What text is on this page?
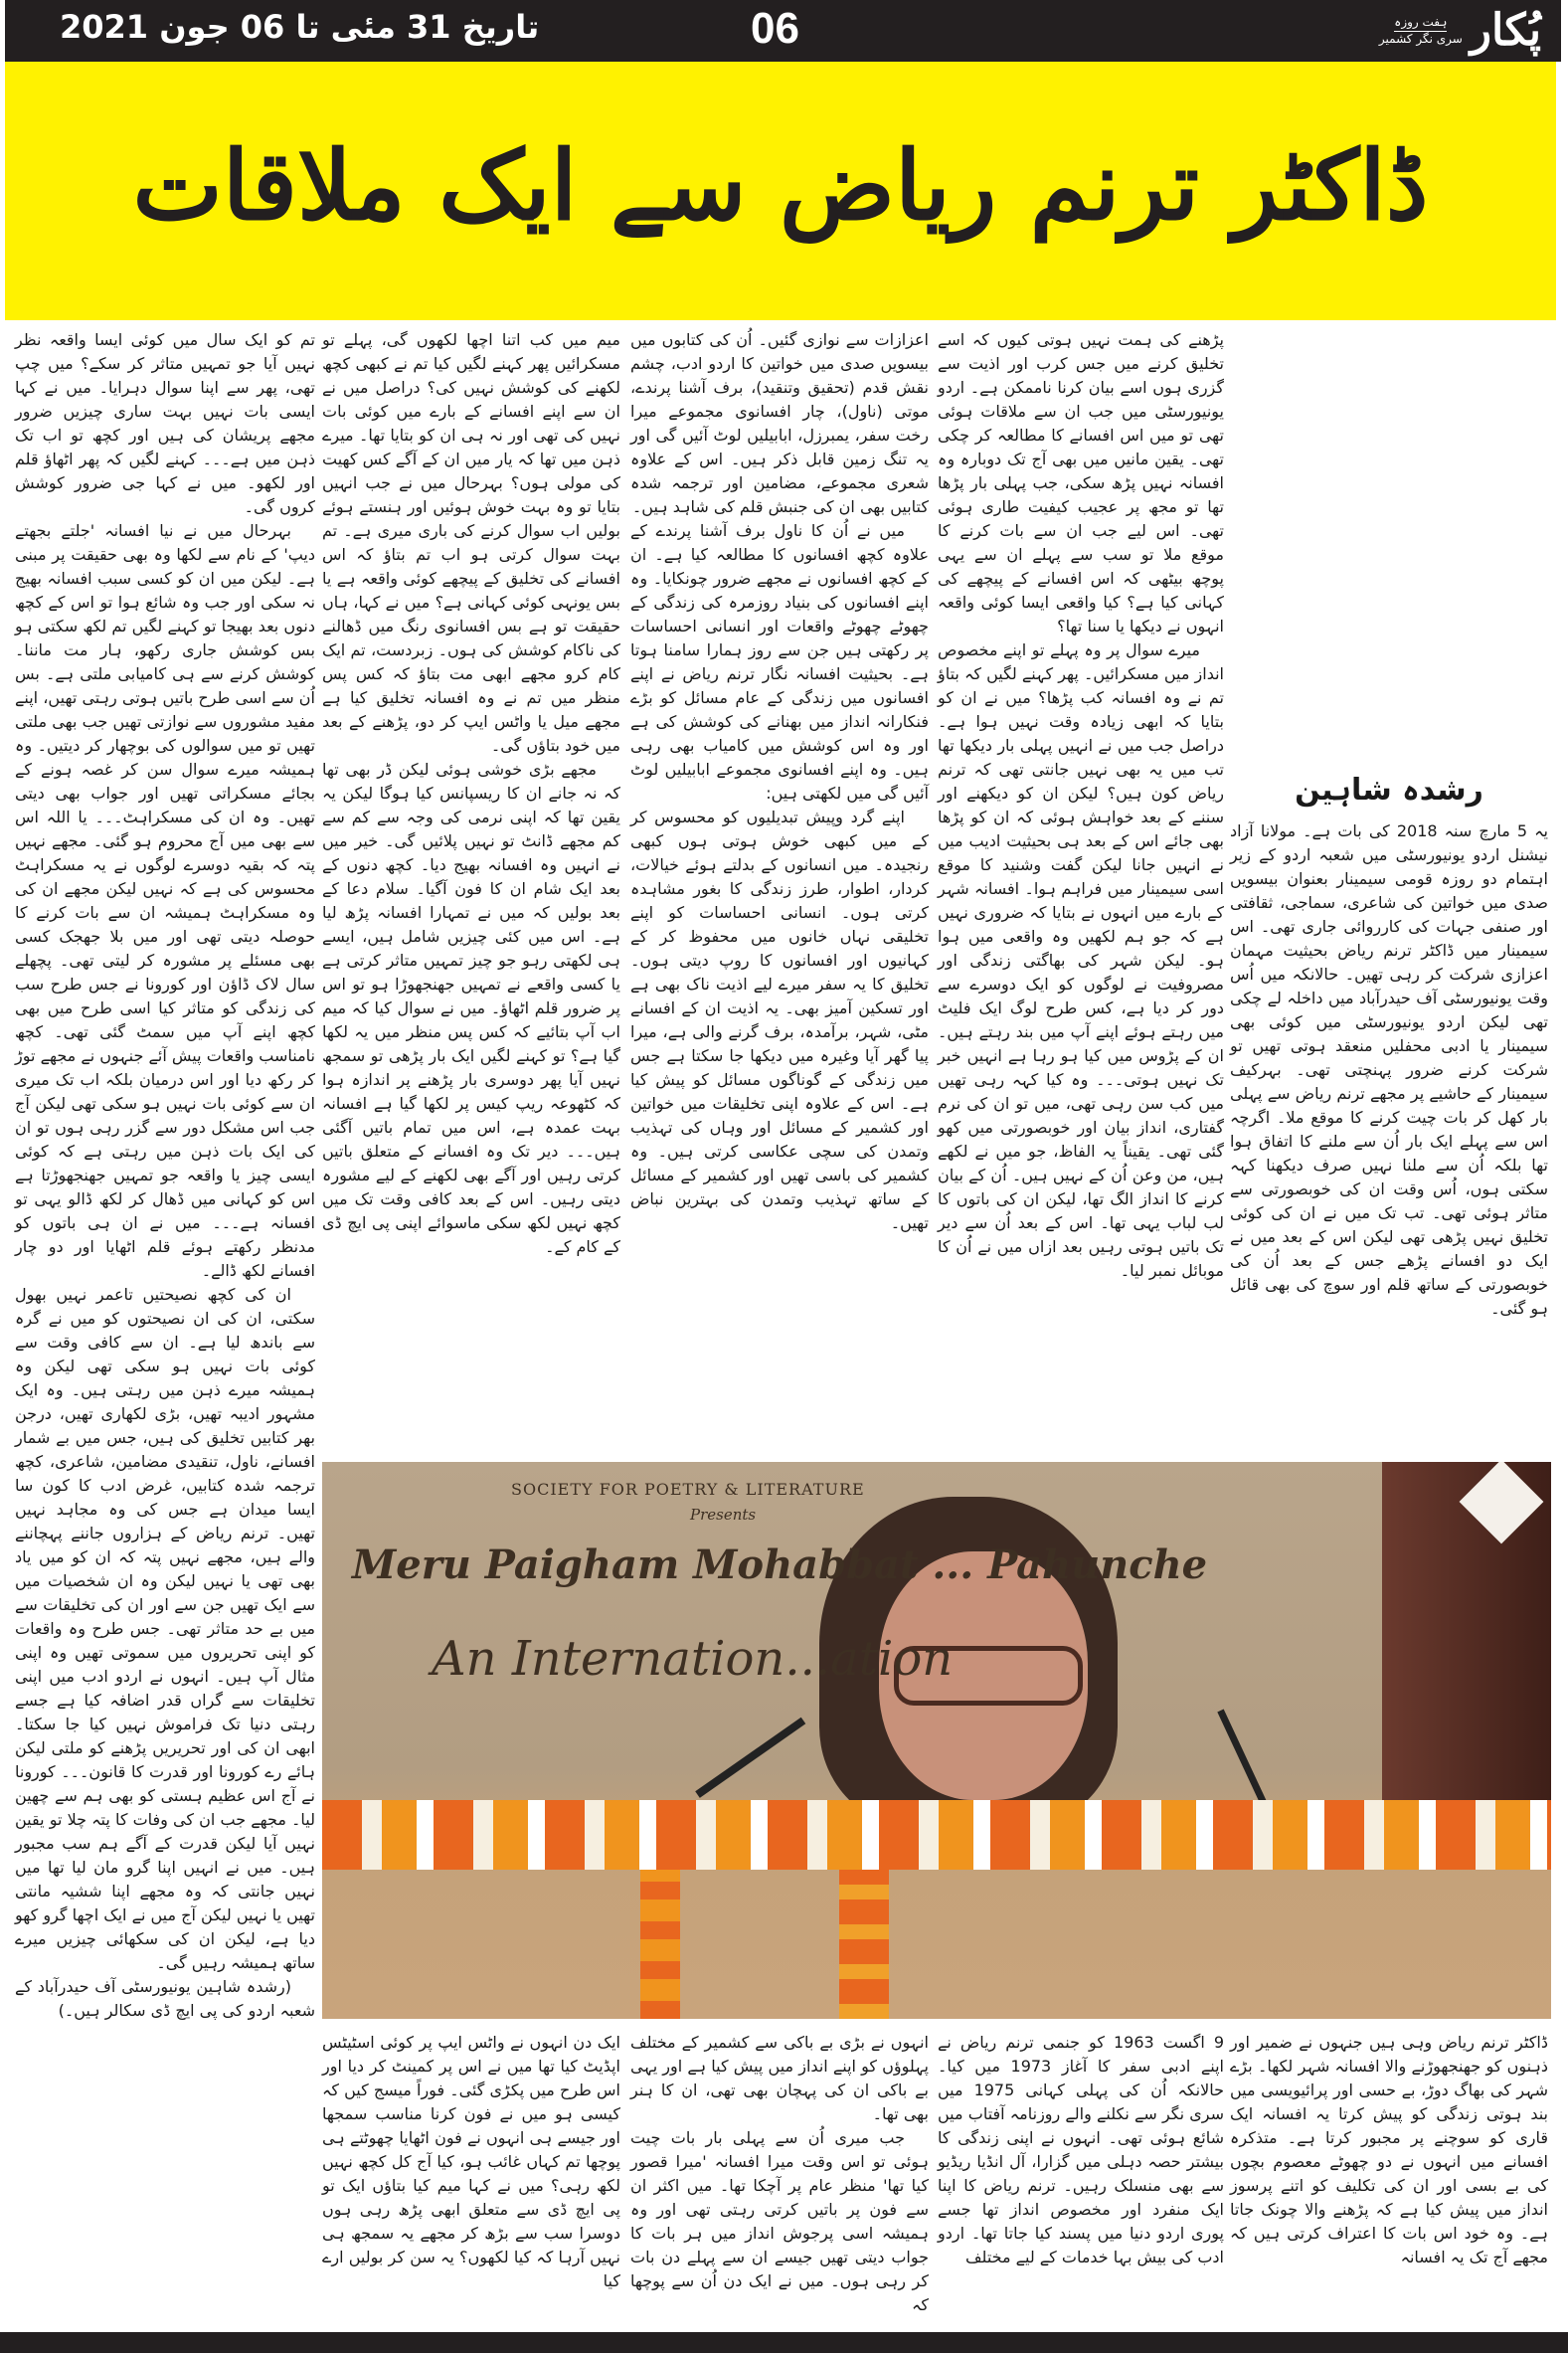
پُکار
ہفت روزہ
سری نگر کشمیر
06
تاریخ 31 مئی تا 06 جون 2021
ڈاکٹر ترنم ریاض سے ایک ملاقات
رشدہ شاہین

یہ 5 مارچ سنہ 2018 کی بات ہے۔ مولانا آزاد نیشنل اردو یونیورسٹی میں شعبہ اردو کے زیر اہتمام دو روزہ قومی سیمینار بعنوان بیسویں صدی میں خواتین کی شاعری، سماجی، ثقافتی اور صنفی جہات کی کارروائی جاری تھی۔ اس سیمینار میں ڈاکٹر ترنم ریاض بحیثیت مہمان اعزازی شرکت کر رہی تھیں۔ حالانکہ میں اُس وقت یونیورسٹی آف حیدرآباد میں داخلہ لے چکی تھی لیکن اردو یونیورسٹی میں کوئی بھی سیمینار یا ادبی محفلیں منعقد ہوتی تھیں تو شرکت کرنے ضرور پہنچتی تھی۔ بہرکیف سیمینار کے حاشیے پر مجھے ترنم ریاض سے پہلی بار کھل کر بات چیت کرنے کا موقع ملا۔ اگرچہ اس سے پہلے ایک بار اُن سے ملنے کا اتفاق ہوا تھا بلکہ اُن سے ملنا نہیں صرف دیکھنا کہہ سکتی ہوں، اُس وقت ان کی خوبصورتی سے متاثر ہوئی تھی۔ تب تک میں نے ان کی کوئی تخلیق نہیں پڑھی تھی لیکن اس کے بعد میں نے ایک دو افسانے پڑھے جس کے بعد اُن کی خوبصورتی کے ساتھ قلم اور سوچ کی بھی قائل ہو گئی۔

پڑھنے کی ہمت نہیں ہوتی کیوں کہ اسے تخلیق کرنے میں جس کرب اور اذیت سے گزری ہوں اسے بیان کرنا ناممکن ہے۔ اردو یونیورسٹی میں جب ان سے ملاقات ہوئی تھی تو میں اس افسانے کا مطالعہ کر چکی تھی۔ یقین مانیں میں بھی آج تک دوبارہ وہ افسانہ نہیں پڑھ سکی، جب پہلی بار پڑھا تھا تو مجھ پر عجیب کیفیت طاری ہوئی تھی۔ اس لیے جب ان سے بات کرنے کا موقع ملا تو سب سے پہلے ان سے یہی پوچھ بیٹھی کہ اس افسانے کے پیچھے کی کہانی کیا ہے؟ کیا واقعی ایسا کوئی واقعہ انہوں نے دیکھا یا سنا تھا؟

میرے سوال پر وہ پہلے تو اپنے مخصوص انداز میں مسکرائیں۔ پھر کہنے لگیں کہ بتاؤ تم نے وہ افسانہ کب پڑھا؟ میں نے ان کو بتایا کہ ابھی زیادہ وقت نہیں ہوا ہے۔ دراصل جب میں نے انہیں پہلی بار دیکھا تھا تب میں یہ بھی نہیں جانتی تھی کہ ترنم ریاض کون ہیں؟ لیکن ان کو دیکھنے اور سننے کے بعد خواہش ہوئی کہ ان کو پڑھا بھی جائے اس کے بعد ہی بحیثیت ادیب میں نے انہیں جانا لیکن گفت وشنید کا موقع اسی سیمینار میں فراہم ہوا۔ افسانہ شہر کے بارے میں انہوں نے بتایا کہ ضروری نہیں ہے کہ جو ہم لکھیں وہ واقعی میں ہوا ہو۔ لیکن شہر کی بھاگتی زندگی اور مصروفیت نے لوگوں کو ایک دوسرے سے دور کر دیا ہے، کس طرح لوگ ایک فلیٹ میں رہتے ہوئے اپنے آپ میں بند رہتے ہیں۔ ان کے پڑوس میں کیا ہو رہا ہے انہیں خبر تک نہیں ہوتی۔۔۔ وہ کیا کہہ رہی تھیں میں کب سن رہی تھی، میں تو ان کی نرم گفتاری، انداز بیان اور خوبصورتی میں کھو گئی تھی۔ یقیناً یہ الفاظ، جو میں نے لکھے ہیں، من وعن اُن کے نہیں ہیں۔ اُن کے بیان کرنے کا انداز الگ تھا، لیکن ان کی باتوں کا لب لباب یہی تھا۔ اس کے بعد اُن سے دیر تک باتیں ہوتی رہیں بعد ازاں میں نے اُن کا موبائل نمبر لیا۔

اعزازات سے نوازی گئیں۔ اُن کی کتابوں میں بیسویں صدی میں خواتین کا اردو ادب، چشم نقش قدم (تحقیق وتنقید)، برف آشنا پرندے، موتی (ناول)، چار افسانوی مجموعے میرا رخت سفر، یمبرزل، ابابیلیں لوٹ آئیں گی اور یہ تنگ زمین قابل ذکر ہیں۔ اس کے علاوہ شعری مجموعے، مضامین اور ترجمہ شدہ کتابیں بھی ان کی جنبش قلم کی شاہد ہیں۔

میں نے اُن کا ناول برف آشنا پرندے کے علاوہ کچھ افسانوں کا مطالعہ کیا ہے۔ ان کے کچھ افسانوں نے مجھے ضرور چونکایا۔ وہ اپنے افسانوں کی بنیاد روزمرہ کی زندگی کے چھوٹے چھوٹے واقعات اور انسانی احساسات پر رکھتی ہیں جن سے روز ہمارا سامنا ہوتا ہے۔ بحیثیت افسانہ نگار ترنم ریاض نے اپنے افسانوں میں زندگی کے عام مسائل کو بڑے فنکارانہ انداز میں بھنانے کی کوشش کی ہے اور وہ اس کوشش میں کامیاب بھی رہی ہیں۔ وہ اپنے افسانوی مجموعے ابابیلیں لوٹ آئیں گی میں لکھتی ہیں:

اپنے گرد وپیش تبدیلیوں کو محسوس کر کے میں کبھی خوش ہوتی ہوں کبھی رنجیدہ۔ میں انسانوں کے بدلتے ہوئے خیالات، کردار، اطوار، طرز زندگی کا بغور مشاہدہ کرتی ہوں۔ انسانی احساسات کو اپنے تخلیقی نہاں خانوں میں محفوظ کر کے کہانیوں اور افسانوں کا روپ دیتی ہوں۔ تخلیق کا یہ سفر میرے لیے اذیت ناک بھی ہے اور تسکین آمیز بھی۔ یہ اذیت ان کے افسانے مٹی، شہر، برآمدہ، برف گرنے والی ہے، میرا پیا گھر آیا وغیرہ میں دیکھا جا سکتا ہے جس میں زندگی کے گوناگوں مسائل کو پیش کیا ہے۔ اس کے علاوہ اپنی تخلیقات میں خواتین اور کشمیر کے مسائل اور وہاں کی تہذیب وتمدن کی سچی عکاسی کرتی ہیں۔ وہ کشمیر کی باسی تھیں اور کشمیر کے مسائل کے ساتھ تہذیب وتمدن کی بہترین نباض تھیں۔

میم میں کب اتنا اچھا لکھوں گی، پہلے تو مسکرائیں پھر کہنے لگیں کیا تم نے کبھی کچھ لکھنے کی کوشش نہیں کی؟ دراصل میں نے ان سے اپنے افسانے کے بارے میں کوئی بات نہیں کی تھی اور نہ ہی ان کو بتایا تھا۔ میرے ذہن میں تھا کہ یار میں ان کے آگے کس کھیت کی مولی ہوں؟ بہرحال میں نے جب انہیں بتایا تو وہ بہت خوش ہوئیں اور ہنستے ہوئے بولیں اب سوال کرنے کی باری میری ہے۔ تم بہت سوال کرتی ہو اب تم بتاؤ کہ اس افسانے کی تخلیق کے پیچھے کوئی واقعہ ہے یا بس یونہی کوئی کہانی ہے؟ میں نے کہا، ہاں حقیقت تو ہے بس افسانوی رنگ میں ڈھالنے کی ناکام کوشش کی ہوں۔ زبردست، تم ایک کام کرو مجھے ابھی مت بتاؤ کہ کس پس منظر میں تم نے وہ افسانہ تخلیق کیا ہے مجھے میل یا واٹس ایپ کر دو، پڑھنے کے بعد میں خود بتاؤں گی۔

مجھے بڑی خوشی ہوئی لیکن ڈر بھی تھا کہ نہ جانے ان کا ریسپانس کیا ہوگا لیکن یہ یقین تھا کہ اپنی نرمی کی وجہ سے کم سے کم مجھے ڈانٹ تو نہیں پلائیں گی۔ خیر میں نے انہیں وہ افسانہ بھیج دیا۔ کچھ دنوں کے بعد ایک شام ان کا فون آگیا۔ سلام دعا کے بعد بولیں کہ میں نے تمہارا افسانہ پڑھ لیا ہے۔ اس میں کئی چیزیں شامل ہیں، ایسے ہی لکھتی رہو جو چیز تمہیں متاثر کرتی ہے یا کسی واقعے نے تمہیں جھنجھوڑا ہو تو اس پر ضرور قلم اٹھاؤ۔ میں نے سوال کیا کہ میم اب آپ بتائیے کہ کس پس منظر میں یہ لکھا گیا ہے؟ تو کہنے لگیں ایک بار پڑھی تو سمجھ نہیں آیا پھر دوسری بار پڑھنے پر اندازہ ہوا کہ کٹھوعہ ریپ کیس پر لکھا گیا ہے افسانہ بہت عمدہ ہے، اس میں تمام باتیں آگئی ہیں۔۔۔ دیر تک وہ افسانے کے متعلق باتیں کرتی رہیں اور آگے بھی لکھنے کے لیے مشورہ دیتی رہیں۔ اس کے بعد کافی وقت تک میں کچھ نہیں لکھ سکی ماسوائے اپنی پی ایچ ڈی کے کام کے۔

تم کو ایک سال میں کوئی ایسا واقعہ نظر نہیں آیا جو تمہیں متاثر کر سکے؟ میں چپ تھی، پھر سے اپنا سوال دہرایا۔ میں نے کہا ایسی بات نہیں بہت ساری چیزیں ضرور مجھے پریشان کی ہیں اور کچھ تو اب تک ذہن میں ہے۔۔۔ کہنے لگیں کہ پھر اٹھاؤ قلم اور لکھو۔ میں نے کہا جی ضرور کوشش کروں گی۔

بہرحال میں نے نیا افسانہ 'جلتے بجھتے دیپ' کے نام سے لکھا وہ بھی حقیقت پر مبنی ہے۔ لیکن میں ان کو کسی سبب افسانہ بھیج نہ سکی اور جب وہ شائع ہوا تو اس کے کچھ دنوں بعد بھیجا تو کہنے لگیں تم لکھ سکتی ہو بس کوشش جاری رکھو، ہار مت ماننا۔ کوشش کرنے سے ہی کامیابی ملتی ہے۔ بس اُن سے اسی طرح باتیں ہوتی رہتی تھیں، اپنے مفید مشوروں سے نوازتی تھیں جب بھی ملتی تھیں تو میں سوالوں کی بوچھار کر دیتیں۔ وہ ہمیشہ میرے سوال سن کر غصہ ہونے کے بجائے مسکراتی تھیں اور جواب بھی دیتی تھیں۔ وہ ان کی مسکراہٹ۔۔۔ یا اللہ اس سے بھی میں آج محروم ہو گئی۔ مجھے نہیں پتہ کہ بقیہ دوسرے لوگوں نے یہ مسکراہٹ محسوس کی ہے کہ نہیں لیکن مجھے ان کی وہ مسکراہٹ ہمیشہ ان سے بات کرنے کا حوصلہ دیتی تھی اور میں بلا جھجک کسی بھی مسئلے پر مشورہ کر لیتی تھی۔ پچھلے سال لاک ڈاؤن اور کورونا نے جس طرح سب کی زندگی کو متاثر کیا اسی طرح میں بھی کچھ اپنے آپ میں سمٹ گئی تھی۔ کچھ نامناسب واقعات پیش آئے جنہوں نے مجھے توڑ کر رکھ دیا اور اس درمیان بلکہ اب تک میری ان سے کوئی بات نہیں ہو سکی تھی لیکن آج جب اس مشکل دور سے گزر رہی ہوں تو ان کی ایک بات ذہن میں رہتی ہے کہ کوئی ایسی چیز یا واقعہ جو تمہیں جھنجھوڑتا ہے اس کو کہانی میں ڈھال کر لکھ ڈالو یہی تو افسانہ ہے۔۔۔ میں نے ان ہی باتوں کو مدنظر رکھتے ہوئے قلم اٹھایا اور دو چار افسانے لکھ ڈالے۔

ان کی کچھ نصیحتیں تاعمر نہیں بھول سکتی، ان کی ان نصیحتوں کو میں نے گرہ سے باندھ لیا ہے۔ ان سے کافی وقت سے کوئی بات نہیں ہو سکی تھی لیکن وہ ہمیشہ میرے ذہن میں رہتی ہیں۔ وہ ایک مشہور ادیبہ تھیں، بڑی لکھاری تھیں، درجن بھر کتابیں تخلیق کی ہیں، جس میں بے شمار افسانے، ناول، تنقیدی مضامین، شاعری، کچھ ترجمہ شدہ کتابیں، غرض ادب کا کون سا ایسا میدان ہے جس کی وہ مجاہد نہیں تھیں۔ ترنم ریاض کے ہزاروں جاننے پہچاننے والے ہیں، مجھے نہیں پتہ کہ ان کو میں یاد بھی تھی یا نہیں لیکن وہ ان شخصیات میں سے ایک تھیں جن سے اور ان کی تخلیقات سے میں بے حد متاثر تھی۔ جس طرح وہ واقعات کو اپنی تحریروں میں سموتی تھیں وہ اپنی مثال آپ ہیں۔ انہوں نے اردو ادب میں اپنی تخلیقات سے گراں قدر اضافہ کیا ہے جسے رہتی دنیا تک فراموش نہیں کیا جا سکتا۔ ابھی ان کی اور تحریریں پڑھنے کو ملتی لیکن ہائے رے کورونا اور قدرت کا قانون۔۔۔ کورونا نے آج اس عظیم ہستی کو بھی ہم سے چھین لیا۔ مجھے جب ان کی وفات کا پتہ چلا تو یقین نہیں آیا لیکن قدرت کے آگے ہم سب مجبور ہیں۔ میں نے انہیں اپنا گرو مان لیا تھا میں نہیں جانتی کہ وہ مجھے اپنا ششیہ مانتی تھیں یا نہیں لیکن آج میں نے ایک اچھا گرو کھو دیا ہے، لیکن ان کی سکھائی چیزیں میرے ساتھ ہمیشہ رہیں گی۔

(رشدہ شاہین یونیورسٹی آف حیدرآباد کے شعبہ اردو کی پی ایچ ڈی سکالر ہیں۔)

SOCIETY FOR POETRY & LITERATURE
Presents
Meru Paigham Mohabbat ... Pahunche
An Internation...ation

ڈاکٹر ترنم ریاض وہی ہیں جنہوں نے ضمیر اور ذہنوں کو جھنجھوڑنے والا افسانہ شہر لکھا۔ بڑے شہر کی بھاگ دوڑ، بے حسی اور پرائیویسی میں بند ہوتی زندگی کو پیش کرتا یہ افسانہ ایک قاری کو سوچنے پر مجبور کرتا ہے۔ متذکرہ افسانے میں انہوں نے دو چھوٹے معصوم بچوں کی بے بسی اور ان کی تکلیف کو اتنے پرسوز انداز میں پیش کیا ہے کہ پڑھنے والا چونک جاتا ہے۔ وہ خود اس بات کا اعتراف کرتی ہیں کہ مجھے آج تک یہ افسانہ

9 اگست 1963 کو جنمی ترنم ریاض نے اپنے ادبی سفر کا آغاز 1973 میں کیا۔ حالانکہ اُن کی پہلی کہانی 1975 میں سری نگر سے نکلنے والے روزنامہ آفتاب میں شائع ہوئی تھی۔ انہوں نے اپنی زندگی کا بیشتر حصہ دہلی میں گزارا، آل انڈیا ریڈیو سے بھی منسلک رہیں۔ ترنم ریاض کا اپنا ایک منفرد اور مخصوص انداز تھا جسے پوری اردو دنیا میں پسند کیا جاتا تھا۔ اردو ادب کی بیش بہا خدمات کے لیے مختلف

انہوں نے بڑی بے باکی سے کشمیر کے مختلف پہلوؤں کو اپنے انداز میں پیش کیا ہے اور یہی بے باکی ان کی پہچان بھی تھی، ان کا ہنر بھی تھا۔

جب میری اُن سے پہلی بار بات چیت ہوئی تو اس وقت میرا افسانہ 'میرا قصور کیا تھا' منظر عام پر آچکا تھا۔ میں اکثر ان سے فون پر باتیں کرتی رہتی تھی اور وہ ہمیشہ اسی پرجوش انداز میں ہر بات کا جواب دیتی تھیں جیسے ان سے پہلے دن بات کر رہی ہوں۔ میں نے ایک دن اُن سے پوچھا کہ

ایک دن انہوں نے واٹس ایپ پر کوئی اسٹیٹس اپڈیٹ کیا تھا میں نے اس پر کمینٹ کر دیا اور اس طرح میں پکڑی گئی۔ فوراً میسج کیں کہ کیسی ہو میں نے فون کرنا مناسب سمجھا اور جیسے ہی انہوں نے فون اٹھایا چھوٹتے ہی پوچھا تم کہاں غائب ہو، کیا آج کل کچھ نہیں لکھ رہی؟ میں نے کہا میم کیا بتاؤں ایک تو پی ایچ ڈی سے متعلق ابھی پڑھ رہی ہوں دوسرا سب سے بڑھ کر مجھے یہ سمجھ ہی نہیں آرہا کہ کیا لکھوں؟ یہ سن کر بولیں ارے کیا
